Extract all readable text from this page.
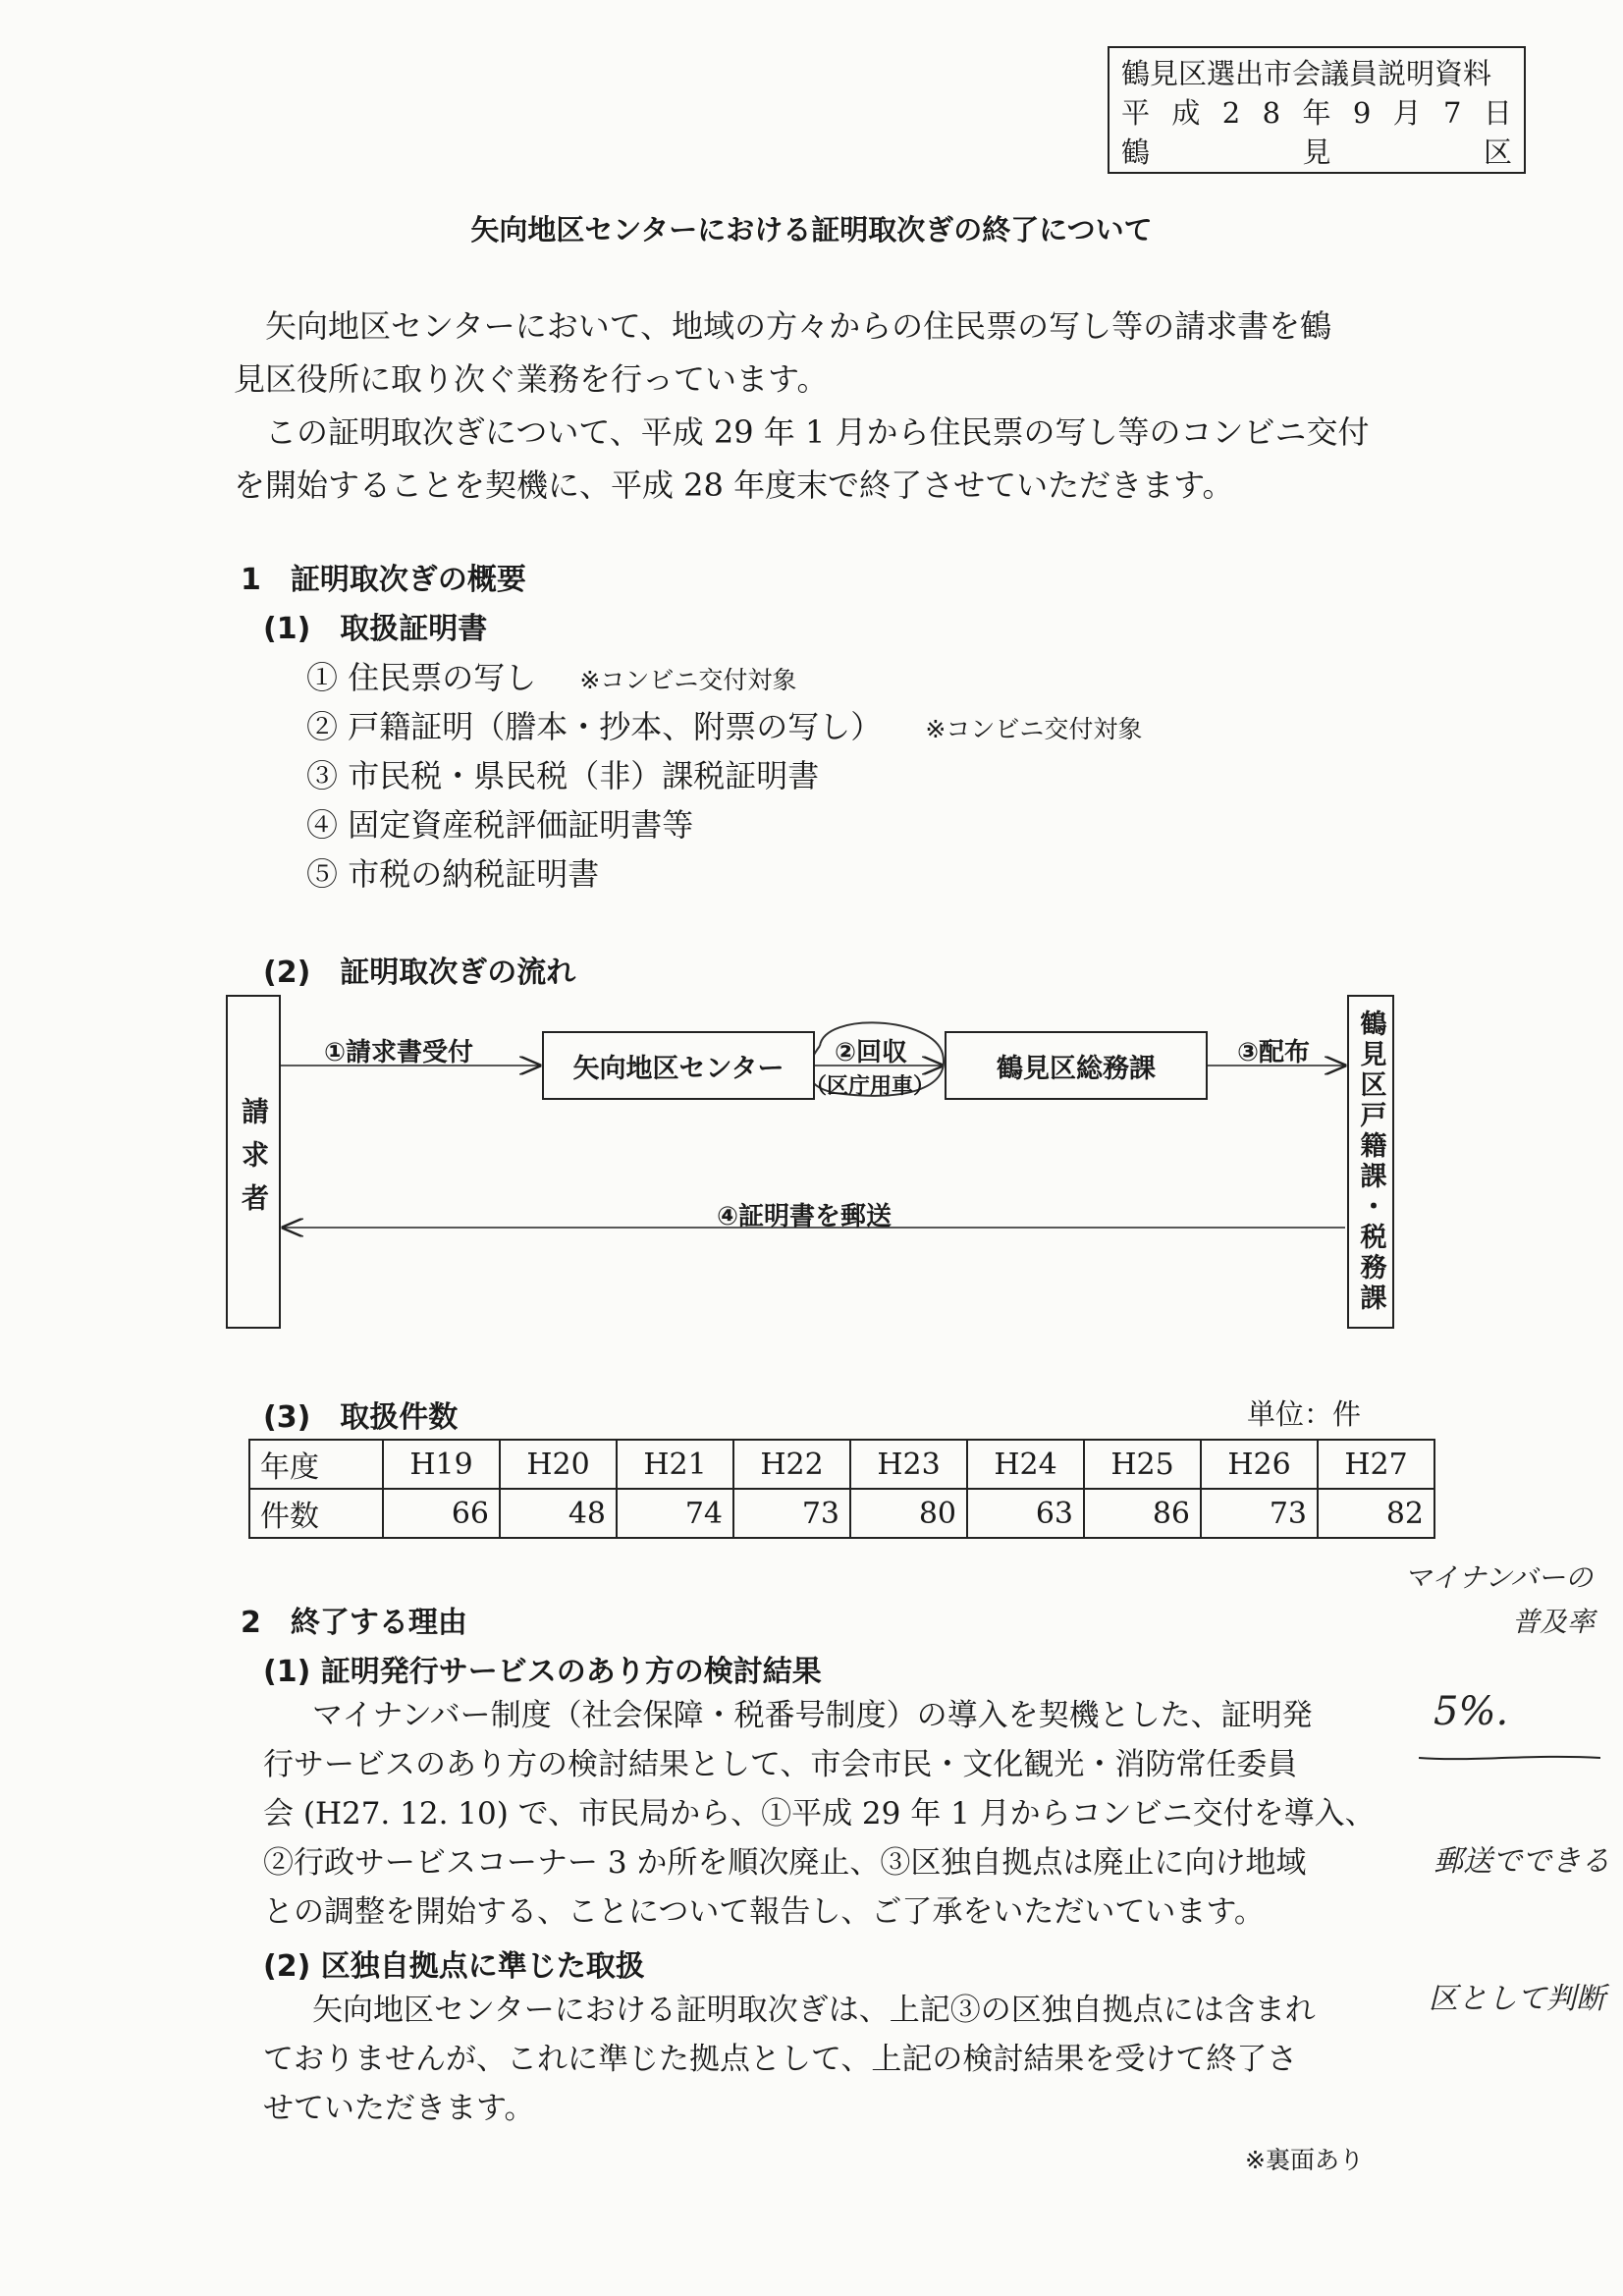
鶴見区選出市会議員説明資料
平 成 2 8 年 9 月 7 日
鶴	見	区
矢向地区センターにおける証明取次ぎの終了について
矢向地区センターにおいて、地域の方々からの住民票の写し等の請求書を鶴
見区役所に取り次ぐ業務を行っています。
この証明取次ぎについて、平成 29 年 1 月から住民票の写し等のコンビニ交付
を開始することを契機に、平成 28 年度末で終了させていただきます。
1　証明取次ぎの概要
(1)　取扱証明書
① 住民票の写し ※コンビニ交付対象
② 戸籍証明（謄本・抄本、附票の写し） ※コンビニ交付対象
③ 市民税・県民税（非）課税証明書
④ 固定資産税評価証明書等
⑤ 市税の納税証明書
(2)　証明取次ぎの流れ
請求者
矢向地区センター	鶴見区総務課	鶴見区戸籍課・税務課
①請求書受付	②回収
（区庁用車）
③配布
④証明書を郵送
(3)　取扱件数	単位：件
年度	H19	H20	H21	H22	H23	H24	H25	H26	H27
件数	66	48	74	73	80	63	86	73	82
2　終了する理由
(1) 証明発行サービスのあり方の検討結果
マイナンバー制度（社会保障・税番号制度）の導入を契機とした、証明発
行サービスのあり方の検討結果として、市会市民・文化観光・消防常任委員
会 (H27. 12. 10) で、市民局から、①平成 29 年 1 月からコンビニ交付を導入、
②行政サービスコーナー 3 か所を順次廃止、③区独自拠点は廃止に向け地域
との調整を開始する、ことについて報告し、ご了承をいただいています。
(2) 区独自拠点に準じた取扱
矢向地区センターにおける証明取次ぎは、上記③の区独自拠点には含まれ
ておりませんが、これに準じた拠点として、上記の検討結果を受けて終了さ
せていただきます。
※裏面あり
マイナンバーの
普及率
5%.
郵送でできる
区として判断
